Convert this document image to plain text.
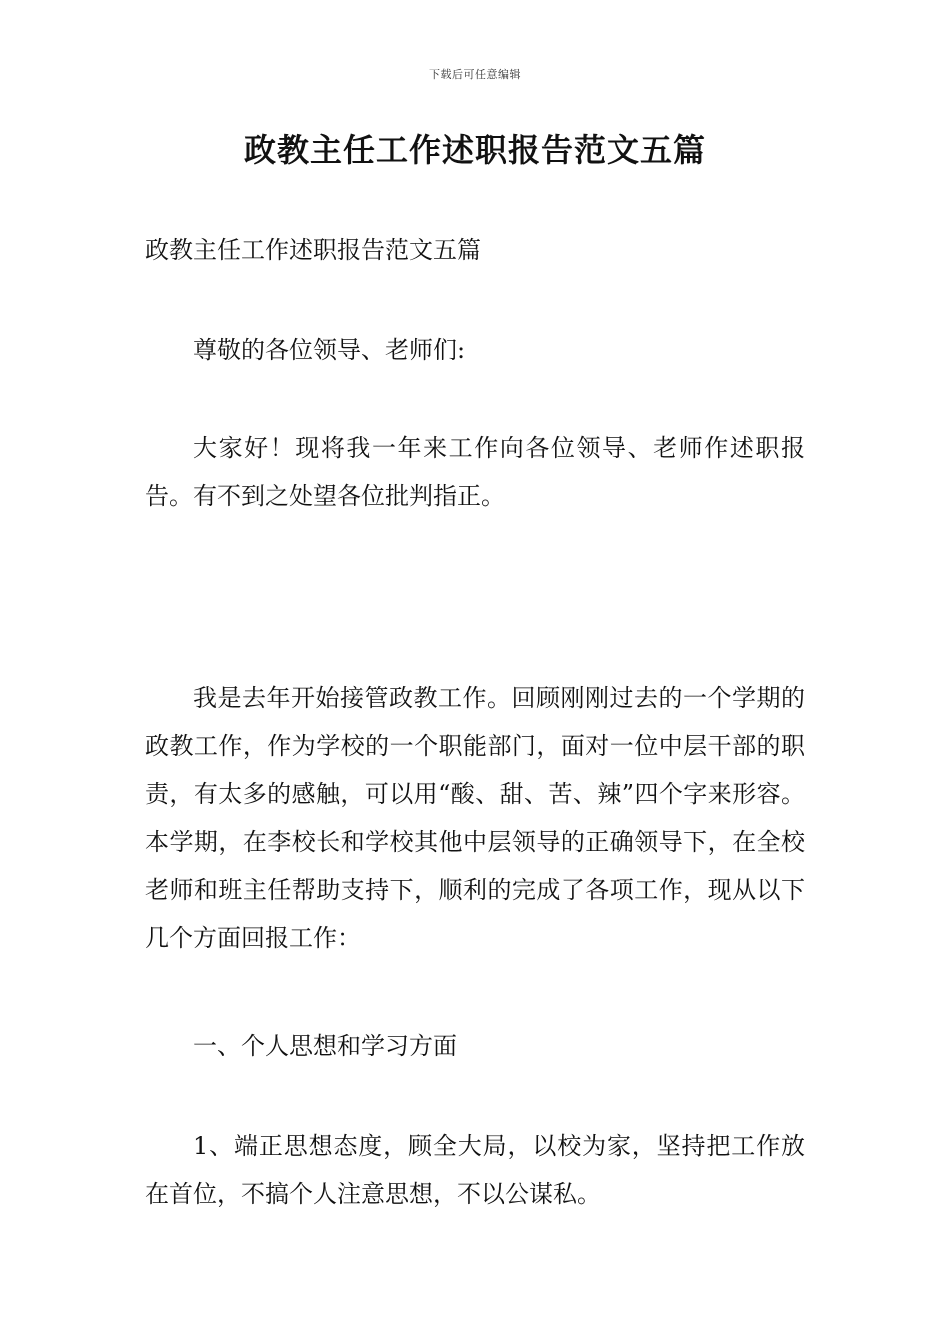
下载后可任意编辑
政教主任工作述职报告范文五篇

政教主任工作述职报告范文五篇

尊敬的各位领导、老师们:

大家好！现将我一年来工作向各位领导、老师作述职报告。有不到之处望各位批判指正。

我是去年开始接管政教工作。回顾刚刚过去的一个学期的政教工作，作为学校的一个职能部门，面对一位中层干部的职责，有太多的感触，可以用“酸、甜、苦、辣”四个字来形容。本学期，在李校长和学校其他中层领导的正确领导下，在全校老师和班主任帮助支持下，顺利的完成了各项工作，现从以下几个方面回报工作：

一、个人思想和学习方面

1、端正思想态度，顾全大局，以校为家，坚持把工作放在首位，不搞个人注意思想，不以公谋私。
